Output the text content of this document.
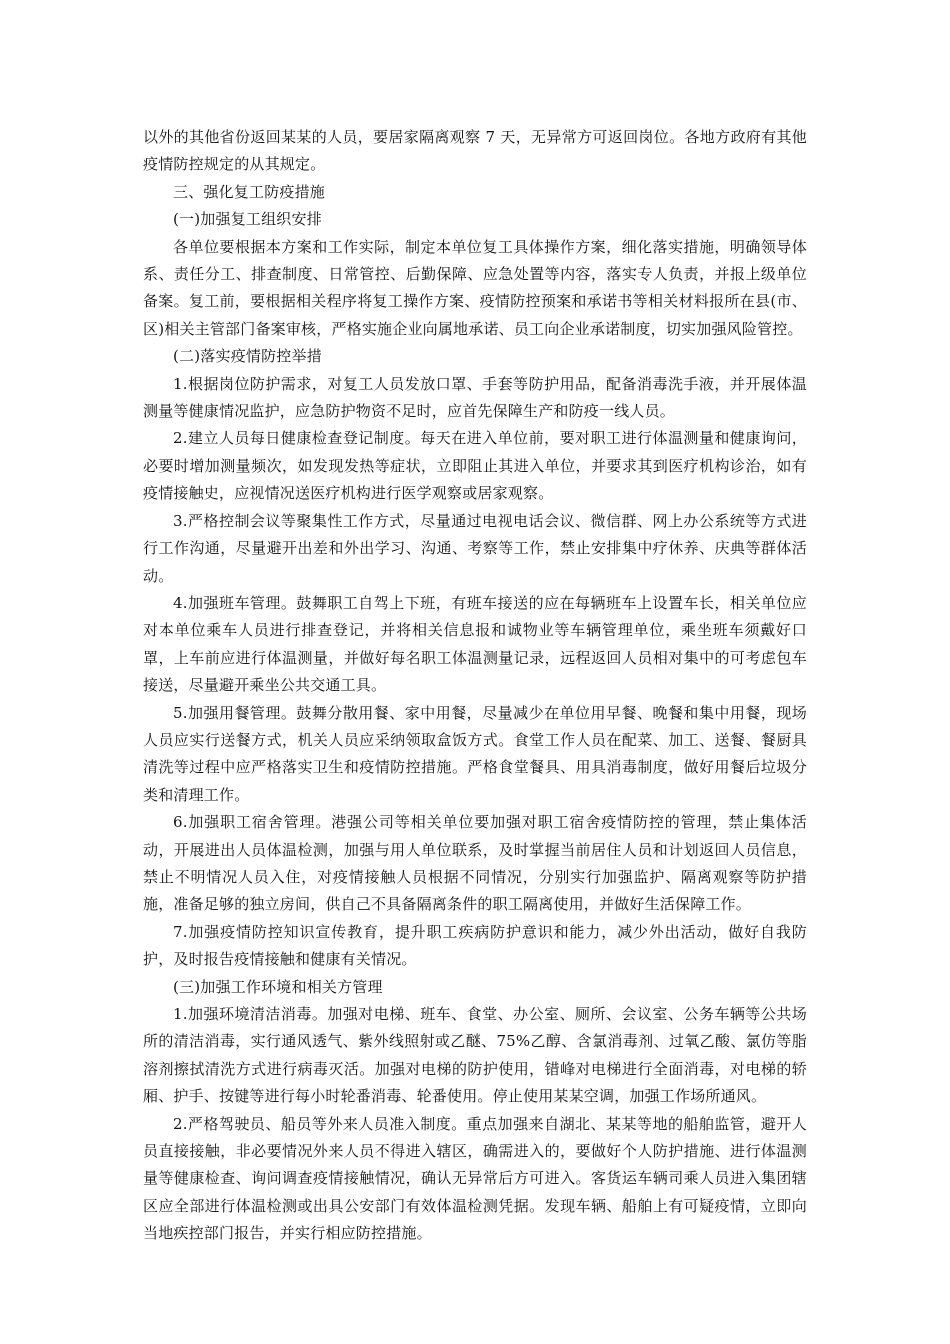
以外的其他省份返回某某的人员，要居家隔离观察 7 天，无异常方可返回岗位。各地方政府有其他疫情防控规定的从其规定。

三、强化复工防疫措施

(一)加强复工组织安排

各单位要根据本方案和工作实际，制定本单位复工具体操作方案，细化落实措施，明确领导体系、责任分工、排查制度、日常管控、后勤保障、应急处置等内容，落实专人负责，并报上级单位备案。复工前，要根据相关程序将复工操作方案、疫情防控预案和承诺书等相关材料报所在县(市、区)相关主管部门备案审核，严格实施企业向属地承诺、员工向企业承诺制度，切实加强风险管控。

(二)落实疫情防控举措

1.根据岗位防护需求，对复工人员发放口罩、手套等防护用品，配备消毒洗手液，并开展体温测量等健康情况监护，应急防护物资不足时，应首先保障生产和防疫一线人员。

2.建立人员每日健康检查登记制度。每天在进入单位前，要对职工进行体温测量和健康询问，必要时增加测量频次，如发现发热等症状，立即阻止其进入单位，并要求其到医疗机构诊治，如有疫情接触史，应视情况送医疗机构进行医学观察或居家观察。

3.严格控制会议等聚集性工作方式，尽量通过电视电话会议、微信群、网上办公系统等方式进行工作沟通，尽量避开出差和外出学习、沟通、考察等工作，禁止安排集中疗休养、庆典等群体活动。

4.加强班车管理。鼓舞职工自驾上下班，有班车接送的应在每辆班车上设置车长，相关单位应对本单位乘车人员进行排查登记，并将相关信息报和诚物业等车辆管理单位，乘坐班车须戴好口罩，上车前应进行体温测量，并做好每名职工体温测量记录，远程返回人员相对集中的可考虑包车接送，尽量避开乘坐公共交通工具。

5.加强用餐管理。鼓舞分散用餐、家中用餐，尽量减少在单位用早餐、晚餐和集中用餐，现场人员应实行送餐方式，机关人员应采纳领取盒饭方式。食堂工作人员在配菜、加工、送餐、餐厨具清洗等过程中应严格落实卫生和疫情防控措施。严格食堂餐具、用具消毒制度，做好用餐后垃圾分类和清理工作。

6.加强职工宿舍管理。港强公司等相关单位要加强对职工宿舍疫情防控的管理，禁止集体活动，开展进出人员体温检测，加强与用人单位联系，及时掌握当前居住人员和计划返回人员信息，禁止不明情况人员入住，对疫情接触人员根据不同情况，分别实行加强监护、隔离观察等防护措施，准备足够的独立房间，供自己不具备隔离条件的职工隔离使用，并做好生活保障工作。

7.加强疫情防控知识宣传教育，提升职工疾病防护意识和能力，减少外出活动，做好自我防护，及时报告疫情接触和健康有关情况。

(三)加强工作环境和相关方管理

1.加强环境清洁消毒。加强对电梯、班车、食堂、办公室、厕所、会议室、公务车辆等公共场所的清洁消毒，实行通风透气、紫外线照射或乙醚、75%乙醇、含氯消毒剂、过氧乙酸、氯仿等脂溶剂擦拭清洗方式进行病毒灭活。加强对电梯的防护使用，错峰对电梯进行全面消毒，对电梯的轿厢、护手、按键等进行每小时轮番消毒、轮番使用。停止使用某某空调，加强工作场所通风。

2.严格驾驶员、船员等外来人员准入制度。重点加强来自湖北、某某等地的船舶监管，避开人员直接接触，非必要情况外来人员不得进入辖区，确需进入的，要做好个人防护措施、进行体温测量等健康检查、询问调查疫情接触情况，确认无异常后方可进入。客货运车辆司乘人员进入集团辖区应全部进行体温检测或出具公安部门有效体温检测凭据。发现车辆、船舶上有可疑疫情，立即向当地疾控部门报告，并实行相应防控措施。
